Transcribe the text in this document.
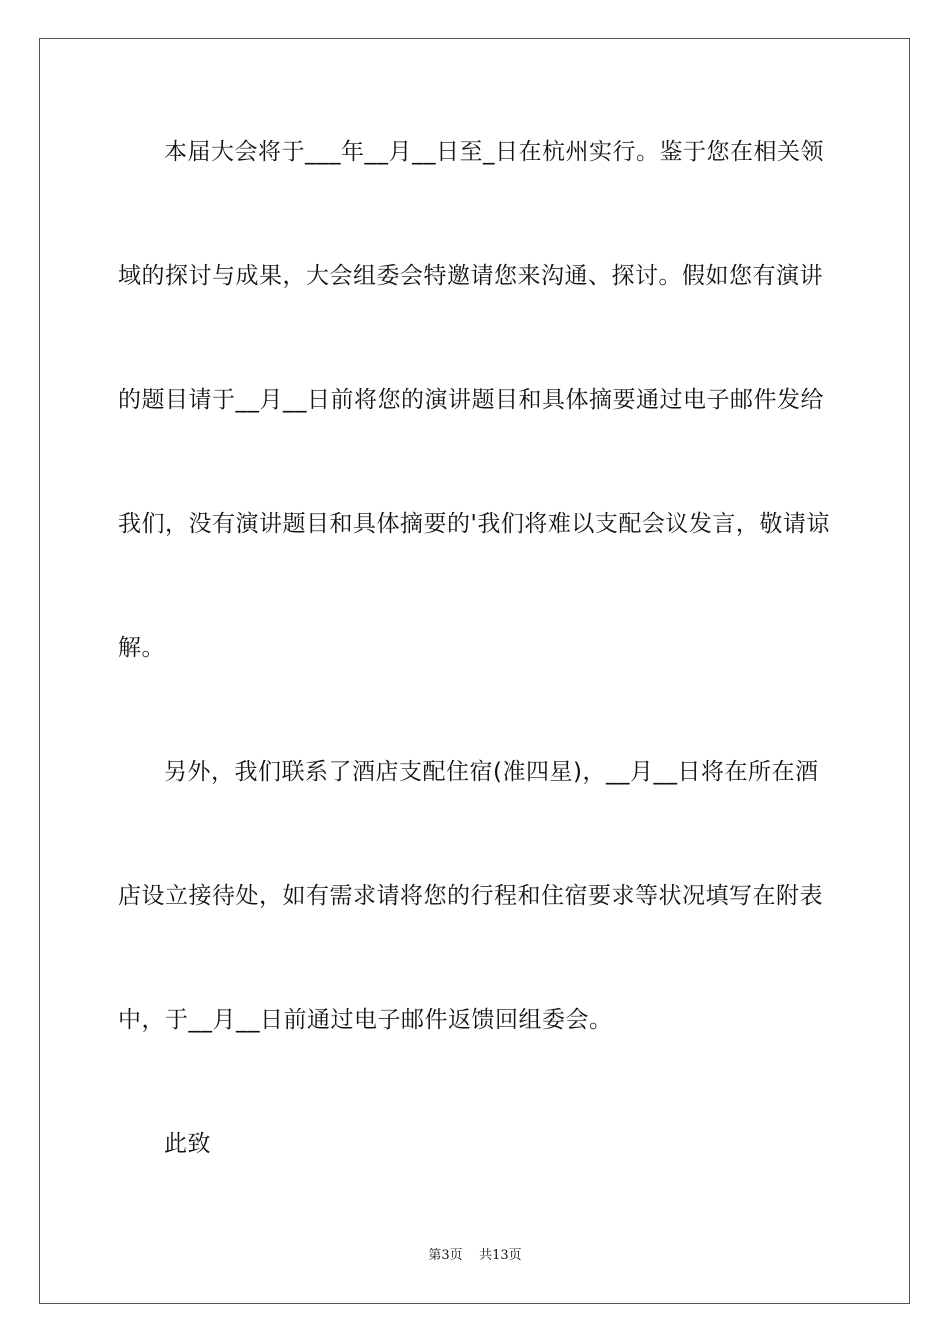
本届大会将于___年__月__日至_日在杭州实行。鉴于您在相关领
域的探讨与成果，大会组委会特邀请您来沟通、探讨。假如您有演讲
的题目请于__月__日前将您的演讲题目和具体摘要通过电子邮件发给
我们，没有演讲题目和具体摘要的'我们将难以支配会议发言，敬请谅
解。
另外，我们联系了酒店支配住宿(准四星)，__月__日将在所在酒
店设立接待处，如有需求请将您的行程和住宿要求等状况填写在附表
中，于__月__日前通过电子邮件返馈回组委会。
此致
第3页 共13页
